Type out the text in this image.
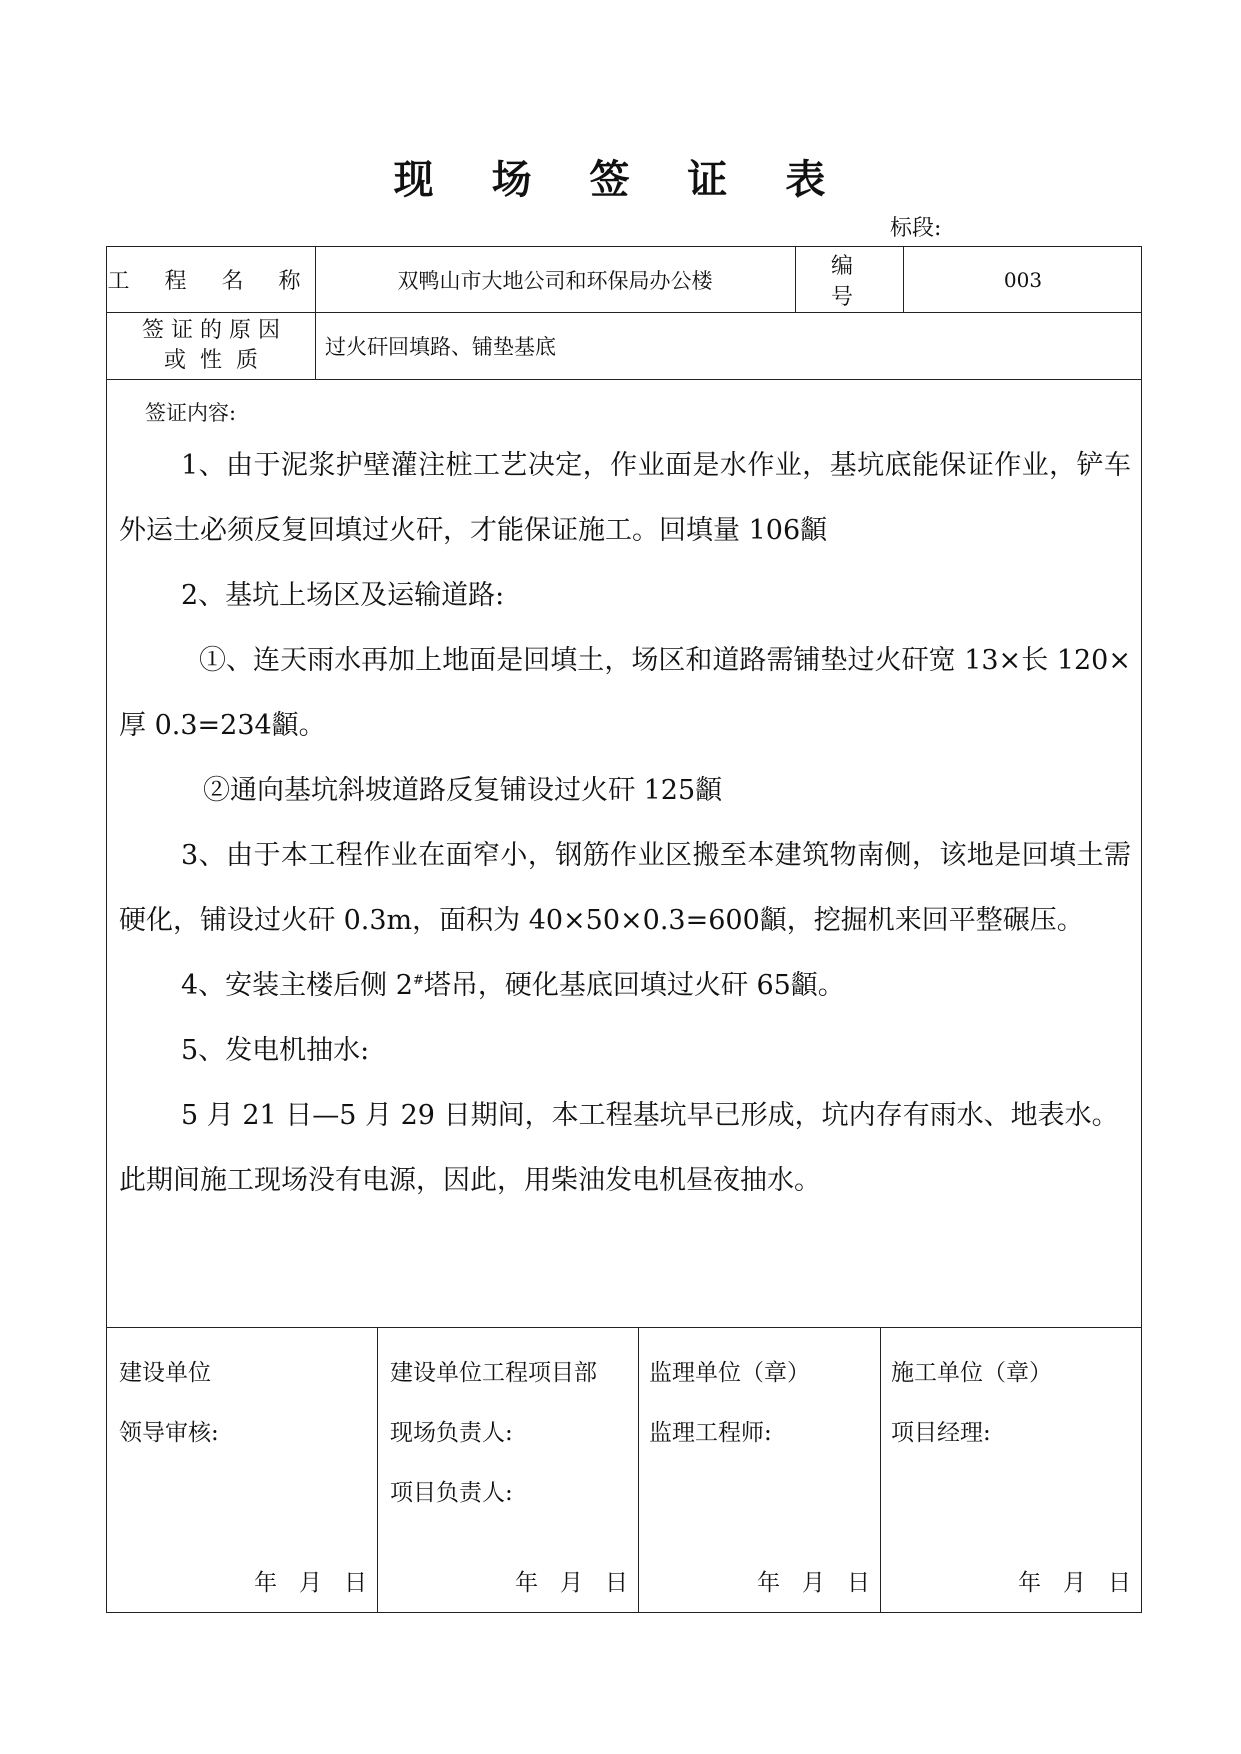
现 场 签 证 表
标段:
工 程 名 称	双鸭山市大地公司和环保局办公楼
编 号
003
签 证 的 原 因
或  性  质
过火矸回填路、铺垫基底
签证内容:

1、由于泥浆护壁灌注桩工艺决定，作业面是水作业，基坑底能保证作业，铲车外运土必须反复回填过火矸，才能保证施工。回填量 106顲

2、基坑上场区及运输道路:

①、连天雨水再加上地面是回填土，场区和道路需铺垫过火矸宽 13×长 120×厚 0.3=234顲。

②通向基坑斜坡道路反复铺设过火矸 125顲

3、由于本工程作业在面窄小，钢筋作业区搬至本建筑物南侧，该地是回填土需硬化，铺设过火矸 0.3m，面积为 40×50×0.3=600顲，挖掘机来回平整碾压。

4、安装主楼后侧 2#塔吊，硬化基底回填过火矸 65顲。

5、发电机抽水:

5 月 21 日—5 月 29 日期间，本工程基坑早已形成，坑内存有雨水、地表水。

此期间施工现场没有电源，因此，用柴油发电机昼夜抽水。

建设单位
领导审核:
年   月   日
建设单位工程项目部
现场负责人:
项目负责人:
年   月   日
监理单位（章）
监理工程师:
年   月   日
施工单位（章）
项目经理:
年   月   日
